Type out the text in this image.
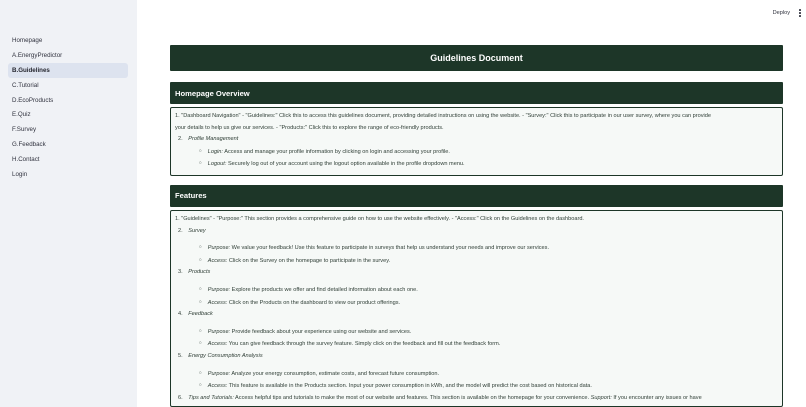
Homepage
A.EnergyPredictor
B.Guidelines
C.Tutorial
D.EcoProducts
E.Quiz
F.Survey
G.Feedback
H.Contact
Login
Deploy
Guidelines Document
Homepage Overview
1. "Dashboard Navigation" - "Guidelines:" Click this to access this guidelines document, providing detailed instructions on using the website. - "Survey:" Click this to participate in our user survey, where you can provide
your details to help us give our services. - "Products:" Click this to explore the range of eco-friendly products.
2. Profile Management
○ Login: Access and manage your profile information by clicking on login and accessing your profile.
○ Logout: Securely log out of your account using the logout option available in the profile dropdown menu.
Features
1. "Guidelines" - "Purpose:" This section provides a comprehensive guide on how to use the website effectively. - "Access:" Click on the Guidelines on the dashboard.
2. Survey
○ Purpose: We value your feedback! Use this feature to participate in surveys that help us understand your needs and improve our services.
○ Access: Click on the Survey on the homepage to participate in the survey.
3. Products
○ Purpose: Explore the products we offer and find detailed information about each one.
○ Access: Click on the Products on the dashboard to view our product offerings.
4. Feedback
○ Purpose: Provide feedback about your experience using our website and services.
○ Access: You can give feedback through the survey feature. Simply click on the feedback and fill out the feedback form.
5. Energy Consumption Analysis
○ Purpose: Analyze your energy consumption, estimate costs, and forecast future consumption.
○ Access: This feature is available in the Products section. Input your power consumption in kWh, and the model will predict the cost based on historical data.
6. Tips and Tutorials: Access helpful tips and tutorials to make the most of our website and features. This section is available on the homepage for your convenience. Support: If you encounter any issues or have
